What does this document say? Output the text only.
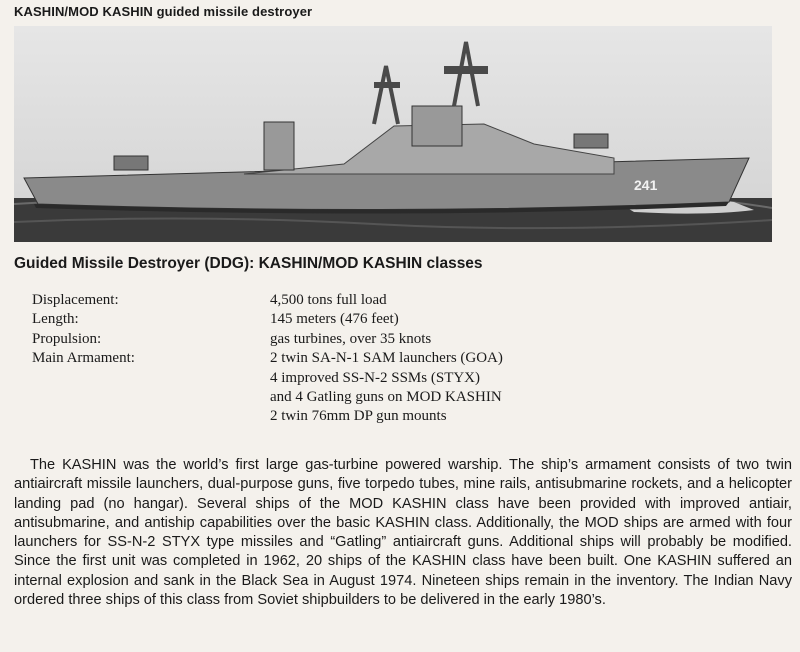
KASHIN/MOD KASHIN guided missile destroyer
241
Guided Missile Destroyer (DDG): KASHIN/MOD KASHIN classes
Displacement:	4,500 tons full load
Length:	145 meters (476 feet)
Propulsion:	gas turbines, over 35 knots
Main Armament:	2 twin SA-N-1 SAM launchers (GOA)
4 improved SS-N-2 SSMs (STYX)
and 4 Gatling guns on MOD KASHIN
2 twin 76mm DP gun mounts

The KASHIN was the world’s first large gas-turbine powered warship. The ship’s armament consists of two twin antiaircraft missile launchers, dual-purpose guns, five torpedo tubes, mine rails, antisubmarine rockets, and a helicopter landing pad (no hangar). Several ships of the MOD KASHIN class have been provided with improved antiair, antisubmarine, and antiship capabilities over the basic KASHIN class. Additionally, the MOD ships are armed with four launchers for SS-N-2 STYX type missiles and “Gatling” antiaircraft guns. Additional ships will probably be modified. Since the first unit was completed in 1962, 20 ships of the KASHIN class have been built. One KASHIN suffered an internal explosion and sank in the Black Sea in August 1974. Nineteen ships remain in the inventory. The Indian Navy ordered three ships of this class from Soviet shipbuilders to be delivered in the early 1980’s.
